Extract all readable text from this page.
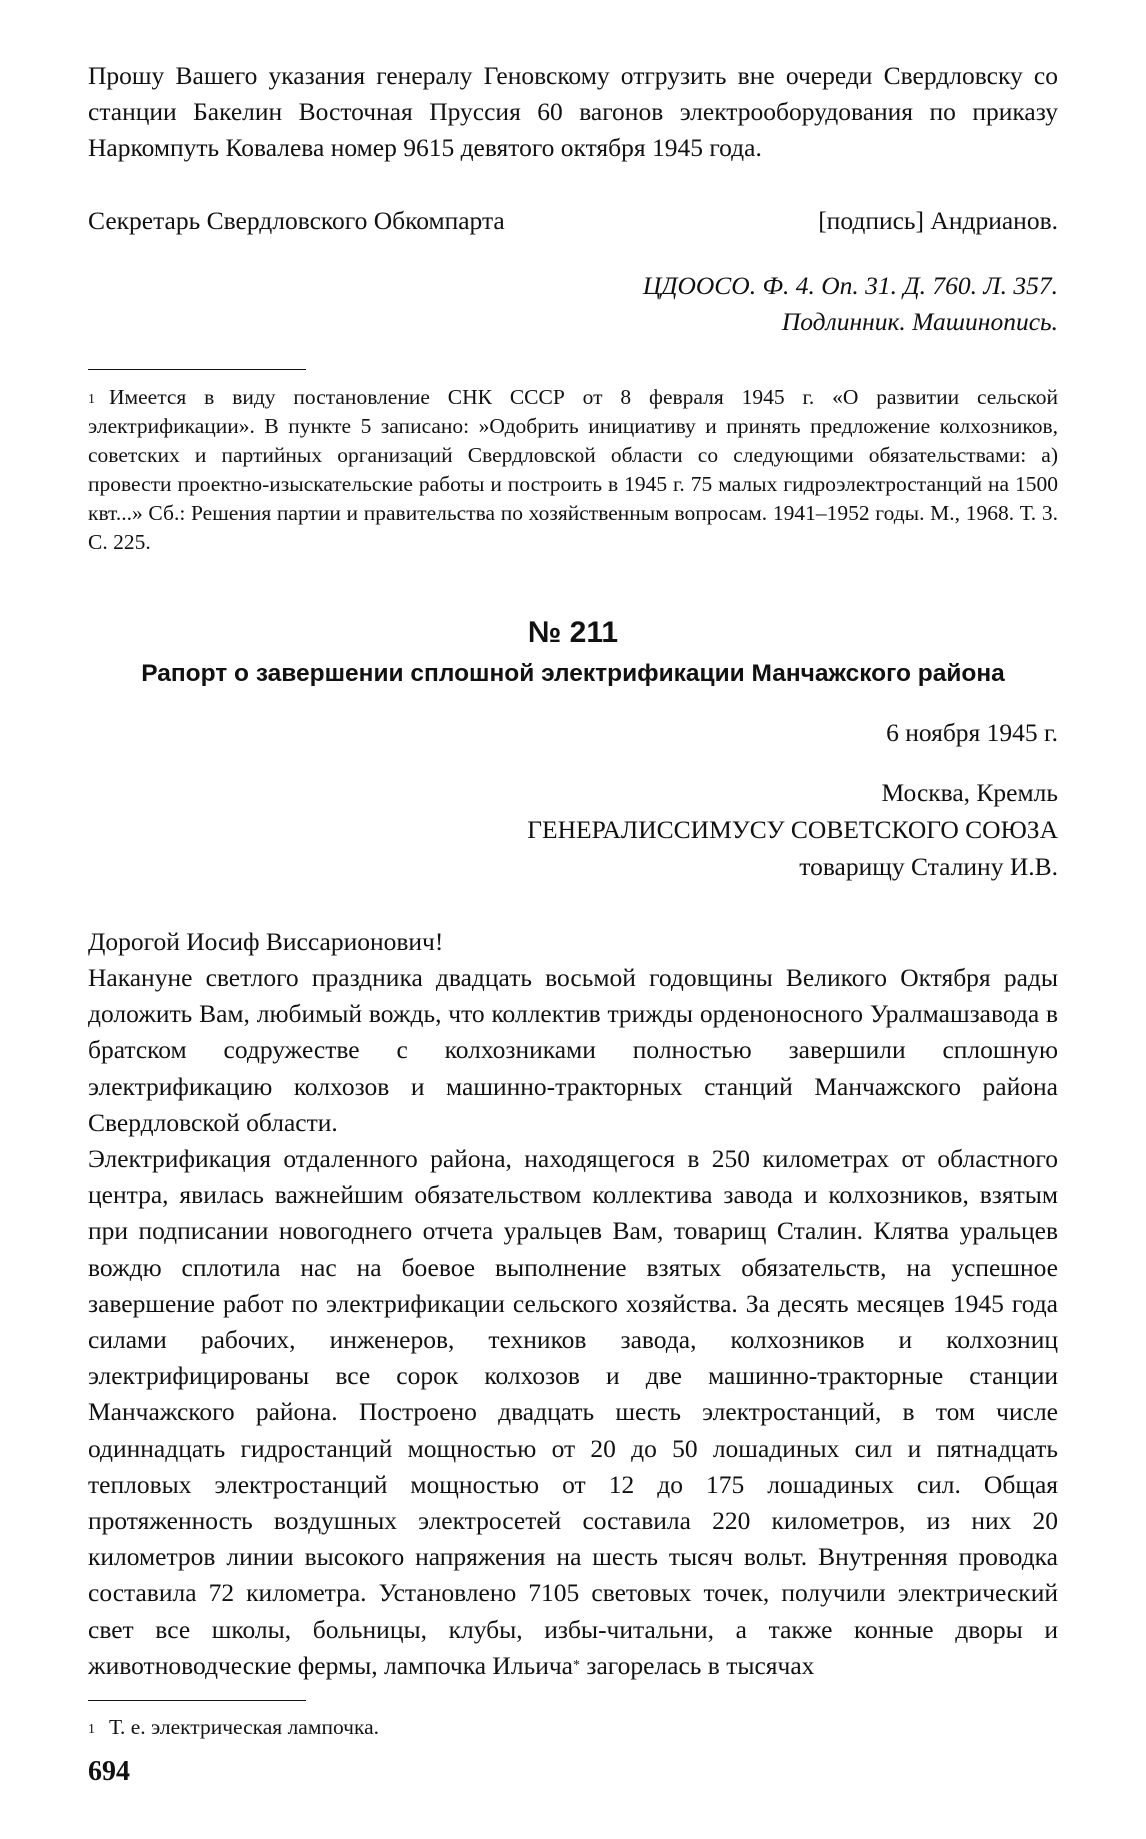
Прошу Вашего указания генералу Геновскому отгрузить вне очереди Свердловску со станции Бакелин Восточная Пруссия 60 вагонов электрооборудования по приказу Наркомпуть Ковалева номер 9615 девятого октября 1945 года.

Секретарь Свердловского Обкомпарта	[подпись] Андрианов.
ЦДООСО. Ф. 4. Оп. 31. Д. 760. Л. 357.
Подлинник. Машинопись.
$^1$ Имеется в виду постановление СНК СССР от 8 февраля 1945 г. «О развитии сельской электрификации». В пункте 5 записано: »Одобрить инициативу и принять предложение колхозников, советских и партийных организаций Свердловской области со следующими обязательствами: а) провести проектно-изыскательские работы и построить в 1945 г. 75 малых гидроэлектростанций на 1500 квт...» Сб.: Решения партии и правительства по хозяйственным вопросам. 1941–1952 годы. М., 1968. Т. 3. С. 225.
№ 211
Рапорт о завершении сплошной электрификации Манчажского района
6 ноября 1945 г.
Москва, Кремль
ГЕНЕРАЛИССИМУСУ СОВЕТСКОГО СОЮЗА
товарищу Сталину И.В.
Дорогой Иосиф Виссарионович!

Накануне светлого праздника двадцать восьмой годовщины Великого Октября рады доложить Вам, любимый вождь, что коллектив трижды орденоносного Уралмашзавода в братском содружестве с колхозниками полностью завершили сплошную электрификацию колхозов и машинно-тракторных станций Манчажского района Свердловской области.

Электрификация отдаленного района, находящегося в 250 километрах от областного центра, явилась важнейшим обязательством коллектива завода и колхозников, взятым при подписании новогоднего отчета уральцев Вам, товарищ Сталин. Клятва уральцев вождю сплотила нас на боевое выполнение взятых обязательств, на успешное завершение работ по электрификации сельского хозяйства. За десять месяцев 1945 года силами рабочих, инженеров, техников завода, колхозников и колхозниц электрифицированы все сорок колхозов и две машинно-тракторные станции Манчажского района. Построено двадцать шесть электростанций, в том числе одиннадцать гидростанций мощностью от 20 до 50 лошадиных сил и пятнадцать тепловых электростанций мощностью от 12 до 175 лошадиных сил. Общая протяженность воздушных электросетей составила 220 километров, из них 20 километров линии высокого напряжения на шесть тысяч вольт. Внутренняя проводка составила 72 километра. Установлено 7105 световых точек, получили электрический свет все школы, больницы, клубы, избы-читальни, а также конные дворы и животноводческие фермы, лампочка Ильича* загорелась в тысячах

$^1$ Т. е. электрическая лампочка.
694
